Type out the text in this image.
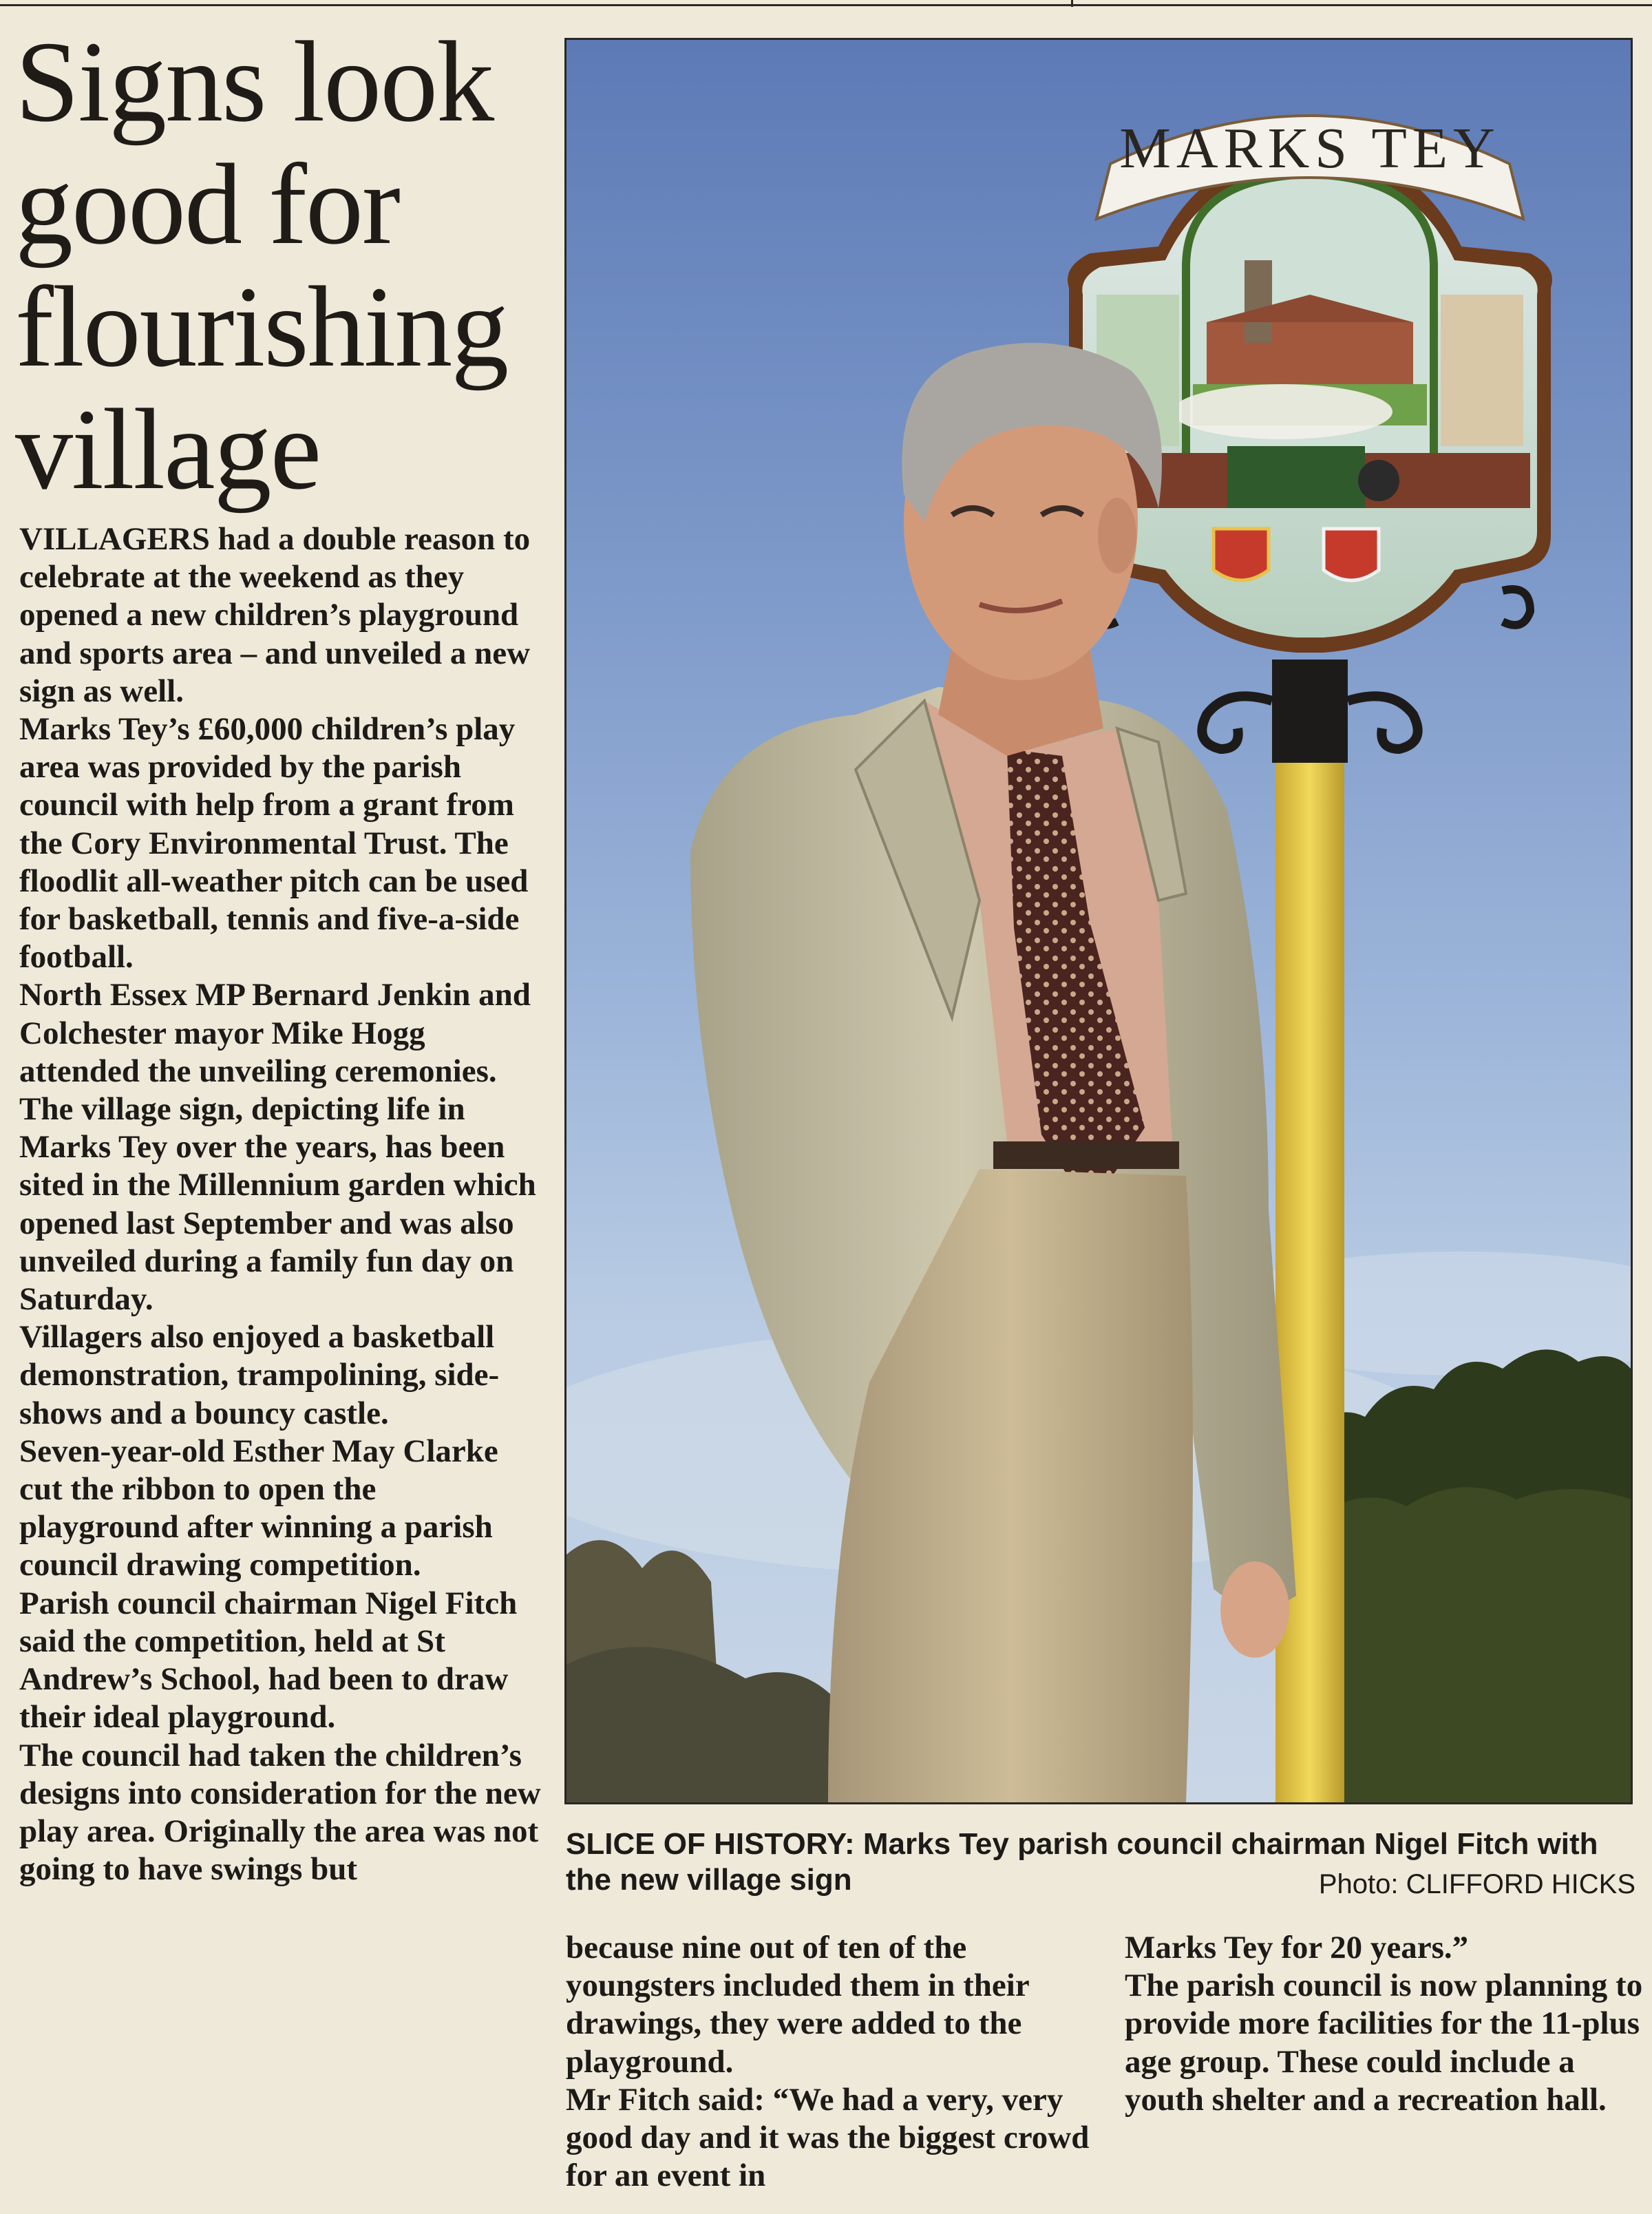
Signs look good for flourishing village

VILLAGERS had a double reason to celebrate at the weekend as they opened a new children’s playground and sports area – and unveiled a new sign as well.

Marks Tey’s £60,000 children’s play area was provided by the parish council with help from a grant from the Cory Environmental Trust. The floodlit all-weather pitch can be used for basketball, tennis and five-a-side football.

North Essex MP Bernard Jenkin and Colchester mayor Mike Hogg attended the unveiling ceremonies.

The village sign, depicting life in Marks Tey over the years, has been sited in the Millennium garden which opened last September and was also unveiled during a family fun day on Saturday.

Villagers also enjoyed a basketball demonstration, trampolining, side-shows and a bouncy castle.

Seven-year-old Esther May Clarke cut the ribbon to open the playground after winning a parish council drawing competition.

Parish council chairman Nigel Fitch said the competition, held at St Andrew’s School, had been to draw their ideal playground.

The council had taken the children’s designs into consideration for the new play area. Originally the area was not going to have swings but

MARKS TEY
SLICE OF HISTORY: Marks Tey parish council chairman Nigel Fitch with the new village sign	Photo: CLIFFORD HICKS

because nine out of ten of the youngsters included them in their drawings, they were added to the playground.

Mr Fitch said: “We had a very, very good day and it was the biggest crowd for an event in

Marks Tey for 20 years.”

The parish council is now planning to provide more facilities for the 11-plus age group. These could include a youth shelter and a recreation hall.
